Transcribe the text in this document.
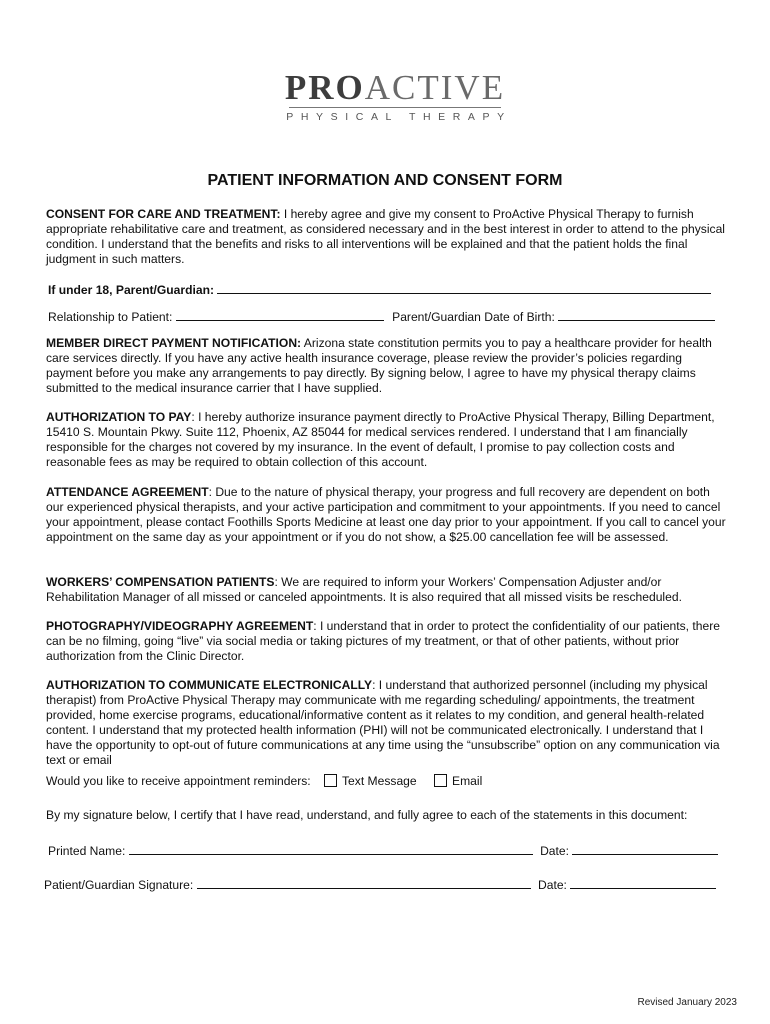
PROACTIVE
PHYSICAL THERAPY
PATIENT INFORMATION AND CONSENT FORM

CONSENT FOR CARE AND TREATMENT: I hereby agree and give my consent to ProActive Physical Therapy to furnish appropriate rehabilitative care and treatment, as considered necessary and in the best interest in order to attend to the physical condition. I understand that the benefits and risks to all interventions will be explained and that the patient holds the final judgment in such matters.

If under 18, Parent/Guardian:
Relationship to Patient:	Parent/Guardian Date of Birth:

MEMBER DIRECT PAYMENT NOTIFICATION: Arizona state constitution permits you to pay a healthcare provider for health care services directly. If you have any active health insurance coverage, please review the provider’s policies regarding payment before you make any arrangements to pay directly. By signing below, I agree to have my physical therapy claims submitted to the medical insurance carrier that I have supplied.

AUTHORIZATION TO PAY: I hereby authorize insurance payment directly to ProActive Physical Therapy, Billing Department, 15410 S. Mountain Pkwy. Suite 112, Phoenix, AZ 85044 for medical services rendered. I understand that I am financially responsible for the charges not covered by my insurance. In the event of default, I promise to pay collection costs and reasonable fees as may be required to obtain collection of this account.

ATTENDANCE AGREEMENT: Due to the nature of physical therapy, your progress and full recovery are dependent on both our experienced physical therapists, and your active participation and commitment to your appointments. If you need to cancel your appointment, please contact Foothills Sports Medicine at least one day prior to your appointment. If you call to cancel your appointment on the same day as your appointment or if you do not show, a $25.00 cancellation fee will be assessed.

WORKERS’ COMPENSATION PATIENTS: We are required to inform your Workers’ Compensation Adjuster and/or Rehabilitation Manager of all missed or canceled appointments. It is also required that all missed visits be rescheduled.

PHOTOGRAPHY/VIDEOGRAPHY AGREEMENT: I understand that in order to protect the confidentiality of our patients, there can be no filming, going “live” via social media or taking pictures of my treatment, or that of other patients, without prior authorization from the Clinic Director.

AUTHORIZATION TO COMMUNICATE ELECTRONICALLY: I understand that authorized personnel (including my physical therapist) from ProActive Physical Therapy may communicate with me regarding scheduling/ appointments, the treatment provided, home exercise programs, educational/informative content as it relates to my condition, and general health-related content. I understand that my protected health information (PHI) will not be communicated electronically. I understand that I have the opportunity to opt-out of future communications at any time using the “unsubscribe” option on any communication via text or email

Would you like to receive appointment reminders:	Text Message	Email
By my signature below, I certify that I have read, understand, and fully agree to each of the statements in this document:
Printed Name:	Date:
Patient/Guardian Signature:	Date:
Revised January 2023
